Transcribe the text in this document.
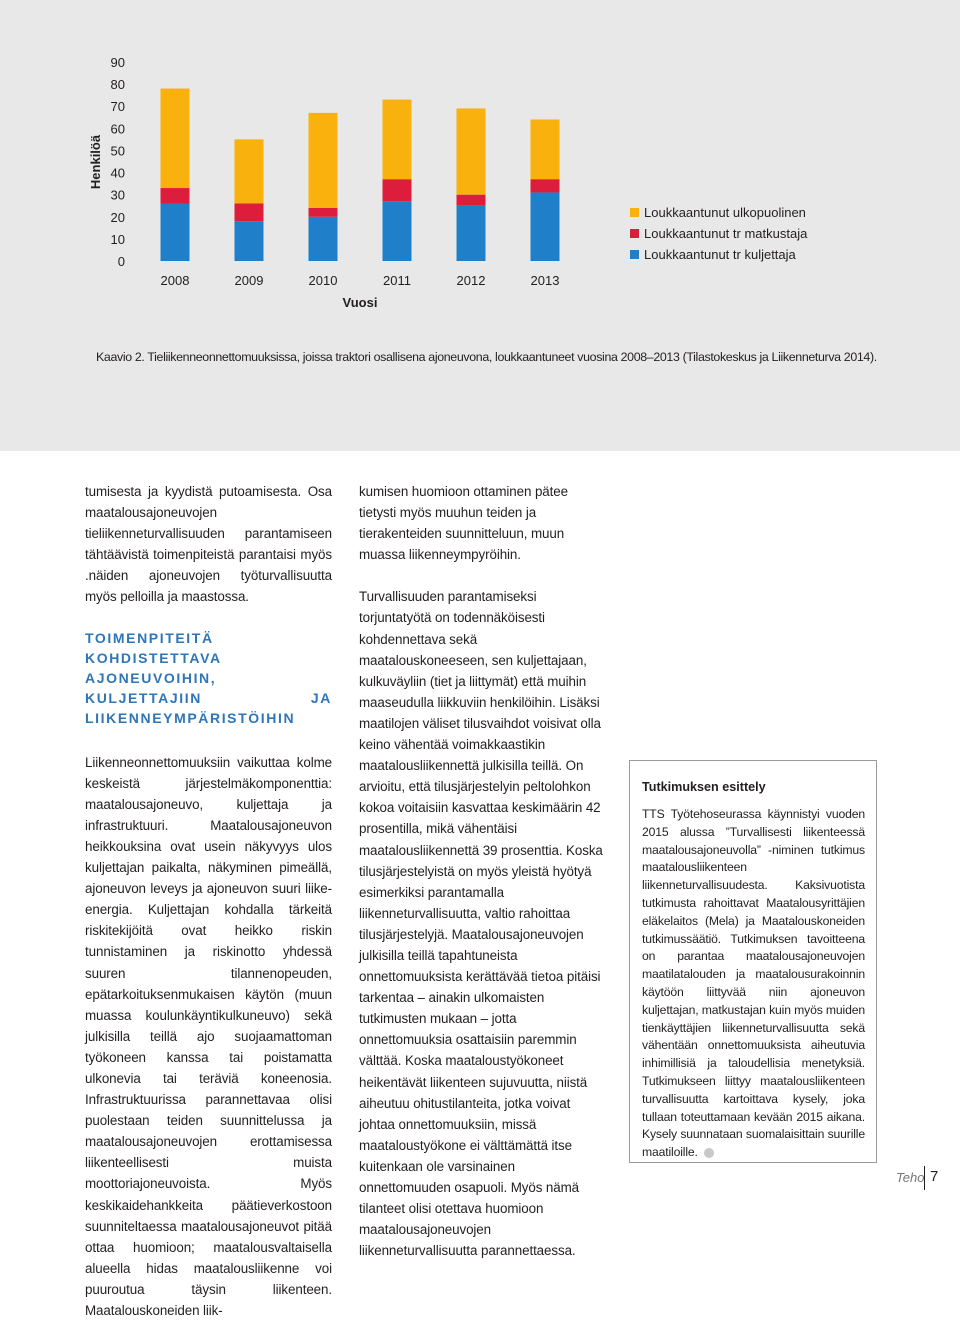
0
10
20
30
40
50
60
70
80
90
Henkilöä
2008	2009	2010	2011	2012	2013
Vuosi
Loukkaantunut ulkopuolinen
Loukkaantunut tr matkustaja
Loukkaantunut tr kuljettaja
Kaavio 2. Tieliikenneonnettomuuksissa, joissa traktori osallisena ajoneuvona, loukkaantuneet vuosina 2008–2013 (Tilastokeskus ja Liikenneturva 2014).

tumisesta ja kyydistä putoamisesta. Osa maatalousajoneuvojen tieliikenneturvallisuuden parantamiseen tähtäävistä toimenpiteistä parantaisi myös .näiden ajoneuvojen työturvallisuutta myös pelloilla ja maastossa.

TOIMENPITEITÄ KOHDISTETTAVA AJONEUVOIHIN, KULJETTAJIIN JA LIIKENNEYMPÄRISTÖIHIN

Liikenneonnettomuuksiin vaikuttaa kolme keskeistä järjestelmäkomponenttia: maatalousajoneuvo, kuljettaja ja infrastruktuuri. Maatalousajoneuvon heikkouksina ovat usein näkyvyys ulos kuljettajan paikalta, näkyminen pimeällä, ajoneuvon leveys ja ajoneuvon suuri liike-energia. Kuljettajan kohdalla tärkeitä riskitekijöitä ovat heikko riskin tunnistaminen ja riskinotto yhdessä suuren tilannenopeuden, epätarkoituksenmukaisen käytön (muun muassa koulunkäyntikulkuneuvo) sekä julkisilla teillä ajo suojaamattoman työkoneen kanssa tai poistamatta ulkonevia tai teräviä koneenosia. Infrastruktuurissa parannettavaa olisi puolestaan teiden suunnittelussa ja maatalousajoneuvojen erottamisessa liikenteellisesti muista moottoriajoneuvoista. Myös keskikaidehankkeita päätieverkostoon suunniteltaessa maatalousajoneuvot pitää ottaa huomioon; maatalousvaltaisella alueella hidas maatalousliikenne voi puuroutua täysin liikenteen. Maatalouskoneiden liik-

kumisen huomioon ottaminen pätee tietysti myös muuhun teiden ja tierakenteiden suunnitteluun, muun muassa liikenneympyröihin.

Turvallisuuden parantamiseksi torjuntatyötä on todennäköisesti kohdennettava sekä maatalouskoneeseen, sen kuljettajaan, kulkuväyliin (tiet ja liittymät) että muihin maaseudulla liikkuviin henkilöihin. Lisäksi maatilojen väliset tilusvaihdot voisivat olla keino vähentää voimakkaastikin maatalousliikennettä julkisilla teillä. On arvioitu, että tilusjärjestelyin peltolohkon kokoa voitaisiin kasvattaa keskimäärin 42 prosentilla, mikä vähentäisi maatalousliikennettä 39 prosenttia. Koska tilusjärjestelyistä on myös yleistä hyötyä esimerkiksi parantamalla liikenneturvallisuutta, valtio rahoittaa tilusjärjestelyjä. Maatalousajoneuvojen julkisilla teillä tapahtuneista onnettomuuksista kerättävää tietoa pitäisi tarkentaa – ainakin ulkomaisten tutkimusten mukaan – jotta onnettomuuksia osattaisiin paremmin välttää. Koska maataloustyökoneet heikentävät liikenteen sujuvuutta, niistä aiheutuu ohitustilanteita, jotka voivat johtaa onnettomuuksiin, missä maataloustyökone ei välttämättä itse kuitenkaan ole varsinainen onnettomuuden osapuoli. Myös nämä tilanteet olisi otettava huomioon maatalousajoneuvojen liikenneturvallisuutta parannettaessa.

Tutkimuksen esittely
TTS Työtehoseurassa käynnistyi vuoden 2015 alussa ”Turvallisesti liikenteessä maatalousajoneuvolla” -niminen tutkimus maatalousliikenteen liikenneturvallisuudesta. Kaksivuotista tutkimusta rahoittavat Maatalousyrittäjien eläkelaitos (Mela) ja Maatalouskoneiden tutkimussäätiö. Tutkimuksen tavoitteena on parantaa maatalousajoneuvojen maatilatalouden ja maatalousurakoinnin käytöön liittyvää niin ajoneuvon kuljettajan, matkustajan kuin myös muiden tienkäyttäjien liikenneturvallisuutta sekä vähentään onnettomuuksista aiheutuvia inhimillisiä ja taloudellisia menetyksiä. Tutkimukseen liittyy maatalousliikenteen turvallisuutta kartoittava kysely, joka tullaan toteuttamaan kevään 2015 aikana. Kysely suunnataan suomalaisittain suurille maatiloille.
Teho 7
